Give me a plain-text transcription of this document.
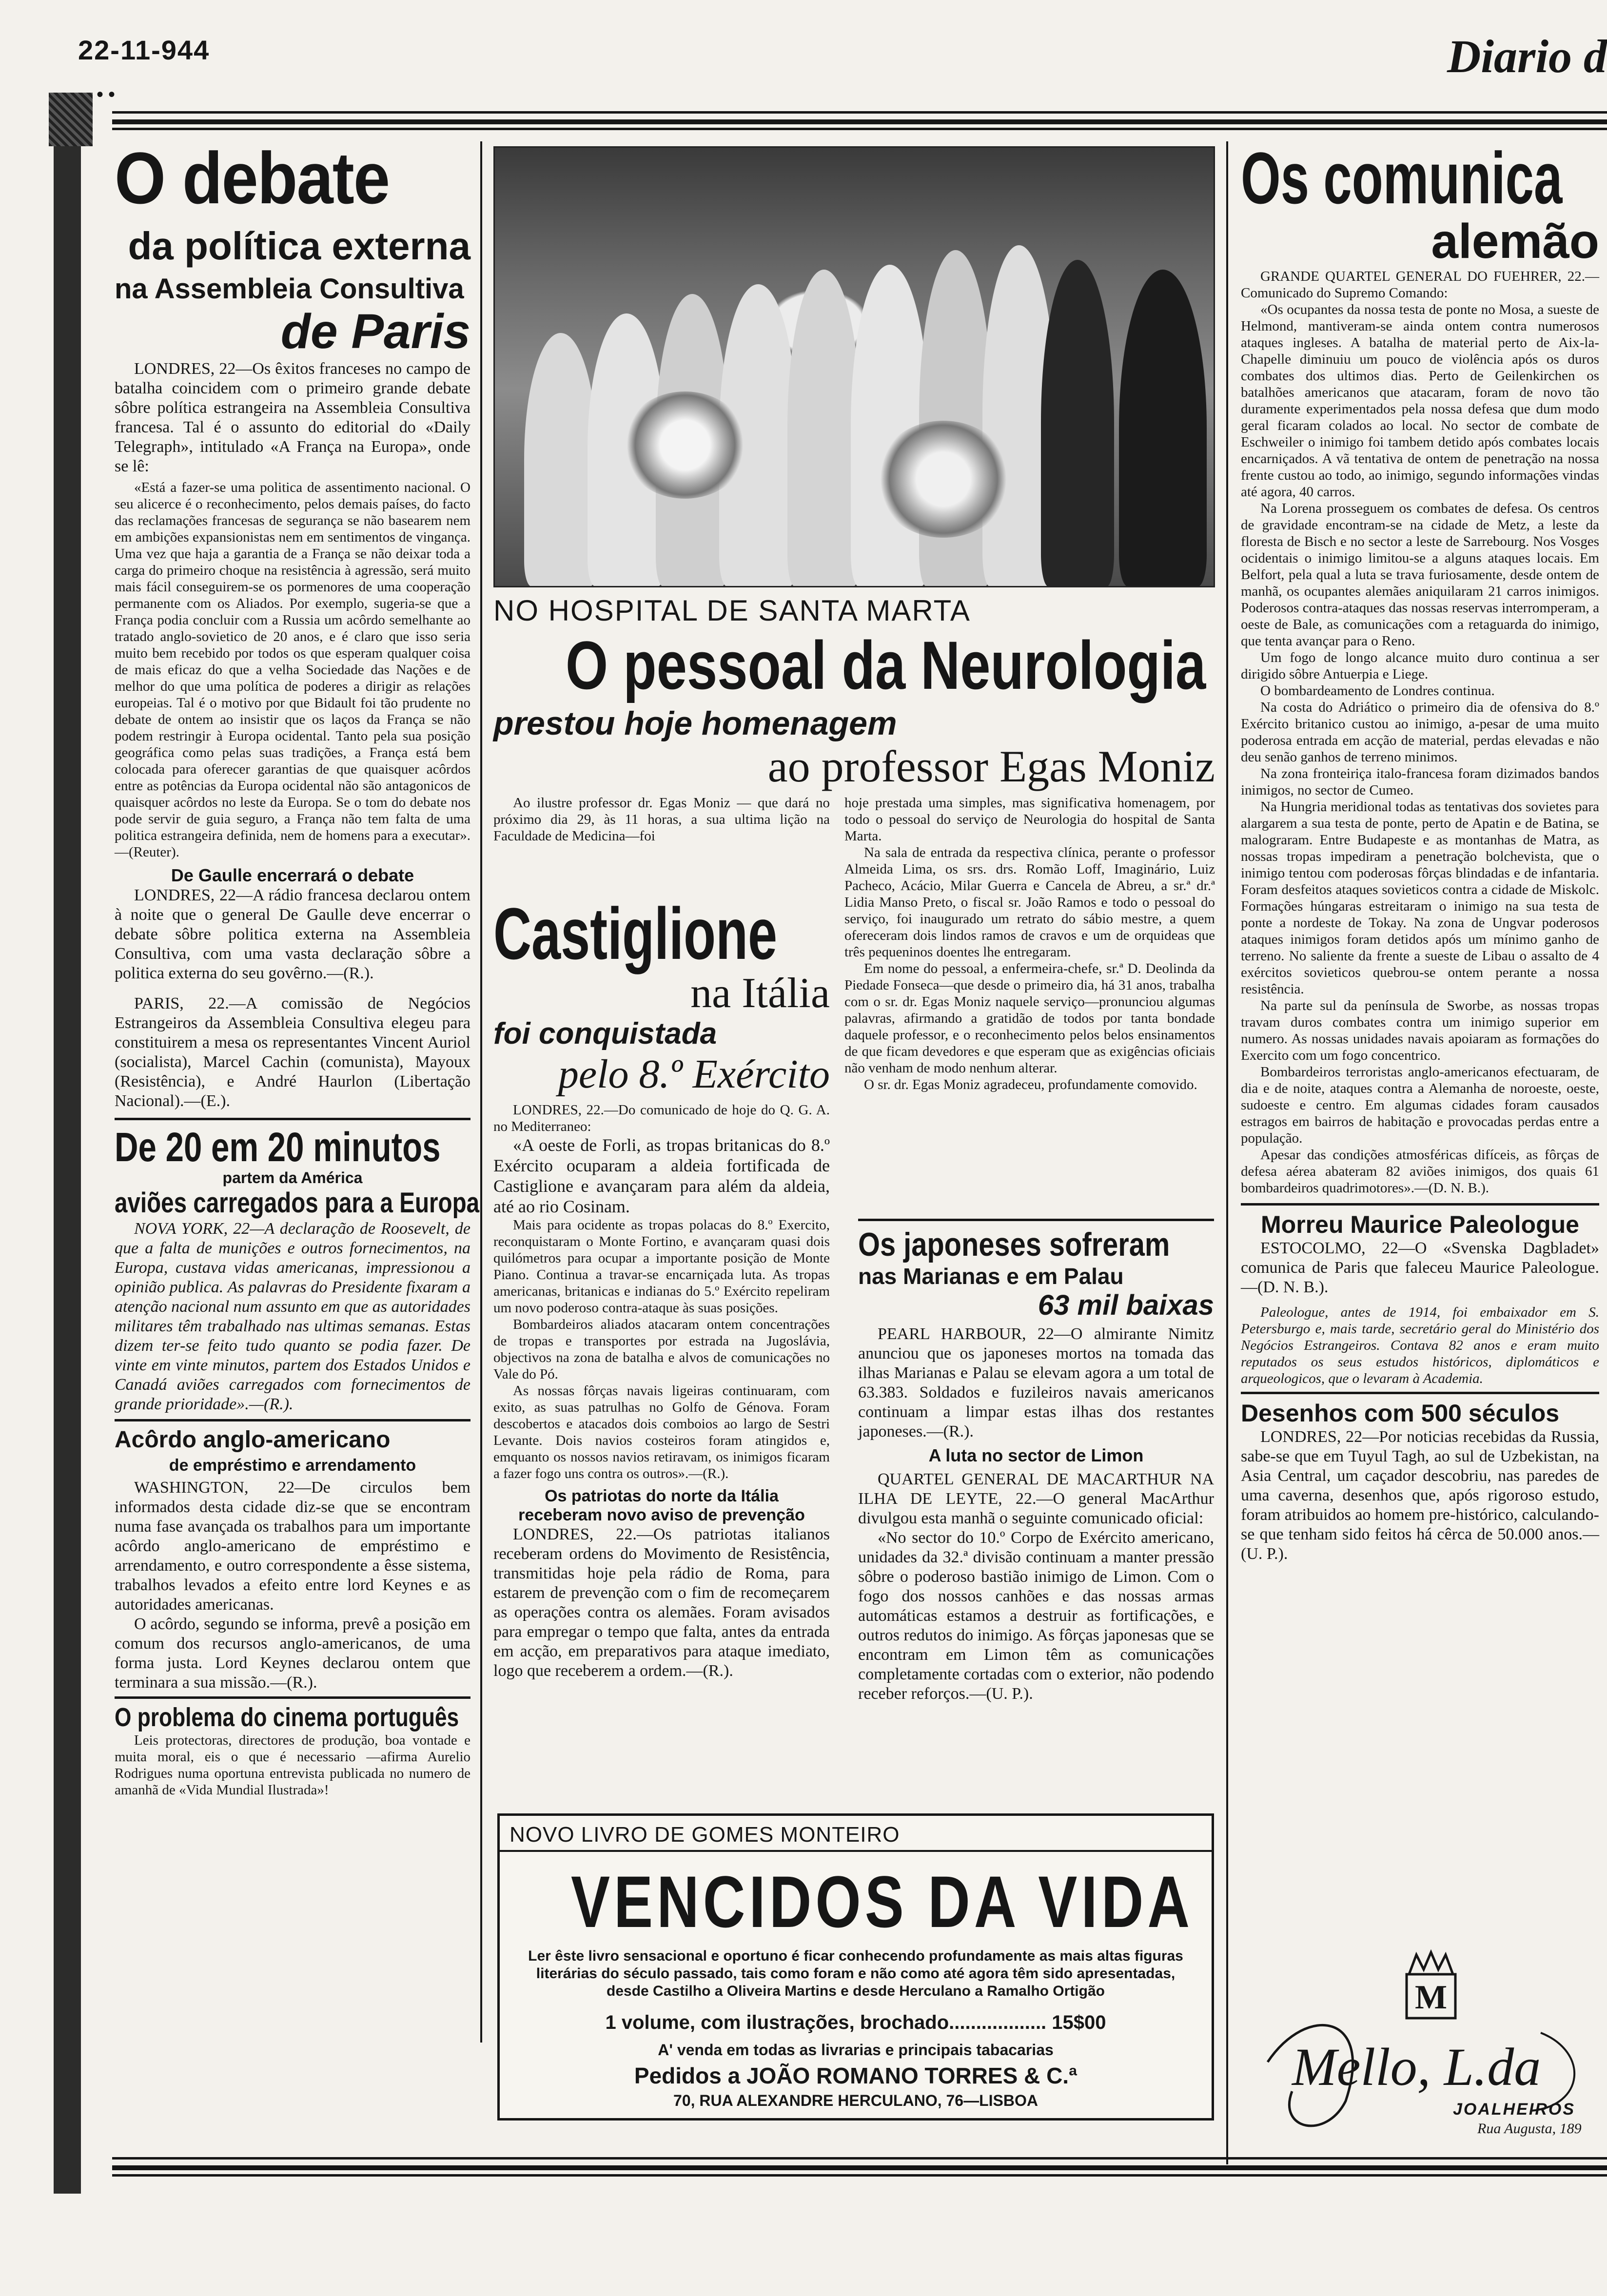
22-11-944	Diario d
• •
O debate
da política externa
na Assembleia Consultiva
de Paris
LONDRES, 22—Os êxitos franceses no campo de batalha coincidem com o primeiro grande debate sôbre política estrangeira na Assembleia Consultiva francesa. Tal é o assunto do editorial do «Daily Telegraph», intitulado «A França na Europa», onde se lê:
«Está a fazer-se uma politica de assentimento nacional. O seu alicerce é o reconhecimento, pelos demais países, do facto das reclamações francesas de segurança se não basearem nem em ambições expansionistas nem em sentimentos de vingança. Uma vez que haja a garantia de a França se não deixar toda a carga do primeiro choque na resistência à agressão, será muito mais fácil conseguirem-se os pormenores de uma cooperação permanente com os Aliados. Por exemplo, sugeria-se que a França podia concluir com a Russia um acôrdo semelhante ao tratado anglo-sovietico de 20 anos, e é claro que isso seria muito bem recebido por todos os que esperam qualquer coisa de mais eficaz do que a velha Sociedade das Nações e de melhor do que uma política de poderes a dirigir as relações europeias. Tal é o motivo por que Bidault foi tão prudente no debate de ontem ao insistir que os laços da França se não podem restringir à Europa ocidental. Tanto pela sua posição geográfica como pelas suas tradições, a França está bem colocada para oferecer garantias de que quaisquer acôrdos entre as potências da Europa ocidental não são antagonicos de quaisquer acôrdos no leste da Europa. Se o tom do debate nos pode servir de guia seguro, a França não tem falta de uma politica estrangeira definida, nem de homens para a executar».—(Reuter).
De Gaulle encerrará o debate
LONDRES, 22—A rádio francesa declarou ontem à noite que o general De Gaulle deve encerrar o debate sôbre politica externa na Assembleia Consultiva, com uma vasta declaração sôbre a politica externa do seu govêrno.—(R.).
PARIS, 22.—A comissão de Negócios Estrangeiros da Assembleia Consultiva elegeu para constituirem a mesa os representantes Vincent Auriol (socialista), Marcel Cachin (comunista), Mayoux (Resistência), e André Haurlon (Libertação Nacional).—(E.).
De 20 em 20 minutos
partem da América
aviões carregados para a Europa
NOVA YORK, 22—A declaração de Roosevelt, de que a falta de munições e outros fornecimentos, na Europa, custava vidas americanas, impressionou a opinião publica. As palavras do Presidente fixaram a atenção nacional num assunto em que as autoridades militares têm trabalhado nas ultimas semanas. Estas dizem ter-se feito tudo quanto se podia fazer. De vinte em vinte minutos, partem dos Estados Unidos e Canadá aviões carregados com fornecimentos de grande prioridade».—(R.).
Acôrdo anglo-americano
de empréstimo e arrendamento
WASHINGTON, 22—De circulos bem informados desta cidade diz-se que se encontram numa fase avançada os trabalhos para um importante acôrdo anglo-americano de empréstimo e arrendamento, e outro correspondente a êsse sistema, trabalhos levados a efeito entre lord Keynes e as autoridades americanas.
O acôrdo, segundo se informa, prevê a posição em comum dos recursos anglo-americanos, de uma forma justa. Lord Keynes declarou ontem que terminara a sua missão.—(R.).
O problema do cinema português
Leis protectoras, directores de produção, boa vontade e muita moral, eis o que é necessario —afirma Aurelio Rodrigues numa oportuna entrevista publicada no numero de amanhã de «Vida Mundial Ilustrada»!
NO HOSPITAL DE SANTA MARTA
O pessoal da Neurologia
prestou hoje homenagem
ao professor Egas Moniz
Ao ilustre professor dr. Egas Moniz — que dará no próximo dia 29, às 11 horas, a sua ultima lição na Faculdade de Medicina—foi
hoje prestada uma simples, mas significativa homenagem, por todo o pessoal do serviço de Neurologia do hospital de Santa Marta.
Na sala de entrada da respectiva clínica, perante o professor Almeida Lima, os srs. drs. Romão Loff, Imaginário, Luiz Pacheco, Acácio, Milar Guerra e Cancela de Abreu, a sr.ª dr.ª Lidia Manso Preto, o fiscal sr. João Ramos e todo o pessoal do serviço, foi inaugurado um retrato do sábio mestre, a quem ofereceram dois lindos ramos de cravos e um de orquideas que três pequeninos doentes lhe entregaram.
Em nome do pessoal, a enfermeira-chefe, sr.ª D. Deolinda da Piedade Fonseca—que desde o primeiro dia, há 31 anos, trabalha com o sr. dr. Egas Moniz naquele serviço—pronunciou algumas palavras, afirmando a gratidão de todos por tanta bondade daquele professor, e o reconhecimento pelos belos ensinamentos de que ficam devedores e que esperam que as exigências oficiais não venham de modo nenhum alterar.
O sr. dr. Egas Moniz agradeceu, profundamente comovido.
Castiglione
na Itália
foi conquistada
pelo 8.º Exército
LONDRES, 22.—Do comunicado de hoje do Q. G. A. no Mediterraneo:
«A oeste de Forli, as tropas britanicas do 8.º Exército ocuparam a aldeia fortificada de Castiglione e avançaram para além da aldeia, até ao rio Cosinam.
Mais para ocidente as tropas polacas do 8.º Exercito, reconquistaram o Monte Fortino, e avançaram quasi dois quilómetros para ocupar a importante posição de Monte Piano. Continua a travar-se encarniçada luta. As tropas americanas, britanicas e indianas do 5.º Exército repeliram um novo poderoso contra-ataque às suas posições.
Bombardeiros aliados atacaram ontem concentrações de tropas e transportes por estrada na Jugoslávia, objectivos na zona de batalha e alvos de comunicações no Vale do Pó.
As nossas fôrças navais ligeiras continuaram, com exito, as suas patrulhas no Golfo de Génova. Foram descobertos e atacados dois comboios ao largo de Sestri Levante. Dois navios costeiros foram atingidos e, emquanto os nossos navios retiravam, os inimigos ficaram a fazer fogo uns contra os outros».—(R.).
Os patriotas do norte da Itália
receberam novo aviso de prevenção
LONDRES, 22.—Os patriotas italianos receberam ordens do Movimento de Resistência, transmitidas hoje pela rádio de Roma, para estarem de prevenção com o fim de recomeçarem as operações contra os alemães. Foram avisados para empregar o tempo que falta, antes da entrada em acção, em preparativos para ataque imediato, logo que receberem a ordem.—(R.).
Os japoneses sofreram
nas Marianas e em Palau
63 mil baixas
PEARL HARBOUR, 22—O almirante Nimitz anunciou que os japoneses mortos na tomada das ilhas Marianas e Palau se elevam agora a um total de 63.383. Soldados e fuzileiros navais americanos continuam a limpar estas ilhas dos restantes japoneses.—(R.).
A luta no sector de Limon
QUARTEL GENERAL DE MACARTHUR NA ILHA DE LEYTE, 22.—O general MacArthur divulgou esta manhã o seguinte comunicado oficial:
«No sector do 10.º Corpo de Exército americano, unidades da 32.ª divisão continuam a manter pressão sôbre o poderoso bastião inimigo de Limon. Com o fogo dos nossos canhões e das nossas armas automáticas estamos a destruir as fortificações, e outros redutos do inimigo. As fôrças japonesas que se encontram em Limon têm as comunicações completamente cortadas com o exterior, não podendo receber reforços.—(U. P.).
NOVO LIVRO DE GOMES MONTEIRO
VENCIDOS DA VIDA
Ler êste livro sensacional e oportuno é ficar conhecendo profundamente as mais altas figuras literárias do século passado, tais como foram e não como até agora têm sido apresentadas, desde Castilho a Oliveira Martins e desde Herculano a Ramalho Ortigão
1 volume, com ilustrações, brochado.................. 15$00
A' venda em todas as livrarias e principais tabacarias
Pedidos a JOÃO ROMANO TORRES & C.ª
70, RUA ALEXANDRE HERCULANO, 76—LISBOA
Os comunica
alemão
GRANDE QUARTEL GENERAL DO FUEHRER, 22.—Comunicado do Supremo Comando:
«Os ocupantes da nossa testa de ponte no Mosa, a sueste de Helmond, mantiveram-se ainda ontem contra numerosos ataques ingleses. A batalha de material perto de Aix-la-Chapelle diminuiu um pouco de violência após os duros combates dos ultimos dias. Perto de Geilenkirchen os batalhões americanos que atacaram, foram de novo tão duramente experimentados pela nossa defesa que dum modo geral ficaram colados ao local. No sector de combate de Eschweiler o inimigo foi tambem detido após combates locais encarniçados. A vã tentativa de ontem de penetração na nossa frente custou ao todo, ao inimigo, segundo informações vindas até agora, 40 carros.
Na Lorena prosseguem os combates de defesa. Os centros de gravidade encontram-se na cidade de Metz, a leste da floresta de Bisch e no sector a leste de Sarrebourg. Nos Vosges ocidentais o inimigo limitou-se a alguns ataques locais. Em Belfort, pela qual a luta se trava furiosamente, desde ontem de manhã, os ocupantes alemães aniquilaram 21 carros inimigos. Poderosos contra-ataques das nossas reservas interromperam, a oeste de Bale, as comunicações com a retaguarda do inimigo, que tenta avançar para o Reno.
Um fogo de longo alcance muito duro continua a ser dirigido sôbre Antuerpia e Liege.
O bombardeamento de Londres continua.
Na costa do Adriático o primeiro dia de ofensiva do 8.º Exército britanico custou ao inimigo, a-pesar de uma muito poderosa entrada em acção de material, perdas elevadas e não deu senão ganhos de terreno minimos.
Na zona fronteiriça italo-francesa foram dizimados bandos inimigos, no sector de Cumeo.
Na Hungria meridional todas as tentativas dos sovietes para alargarem a sua testa de ponte, perto de Apatin e de Batina, se malograram. Entre Budapeste e as montanhas de Matra, as nossas tropas impediram a penetração bolchevista, que o inimigo tentou com poderosas fôrças blindadas e de infantaria. Foram desfeitos ataques sovieticos contra a cidade de Miskolc. Formações húngaras estreitaram o inimigo na sua testa de ponte a nordeste de Tokay. Na zona de Ungvar poderosos ataques inimigos foram detidos após um mínimo ganho de terreno. No saliente da frente a sueste de Libau o assalto de 4 exércitos sovieticos quebrou-se ontem perante a nossa resistência.
Na parte sul da península de Sworbe, as nossas tropas travam duros combates contra um inimigo superior em numero. As nossas unidades navais apoiaram as formações do Exercito com um fogo concentrico.
Bombardeiros terroristas anglo-americanos efectuaram, de dia e de noite, ataques contra a Alemanha de noroeste, oeste, sudoeste e centro. Em algumas cidades foram causados estragos em bairros de habitação e provocadas perdas entre a população.
Apesar das condições atmosféricas difíceis, as fôrças de defesa aérea abateram 82 aviões inimigos, dos quais 61 bombardeiros quadrimotores».—(D. N. B.).
Morreu Maurice Paleologue
ESTOCOLMO, 22—O «Svenska Dagbladet» comunica de Paris que faleceu Maurice Paleologue.—(D. N. B.).
Paleologue, antes de 1914, foi embaixador em S. Petersburgo e, mais tarde, secretário geral do Ministério dos Negócios Estrangeiros. Contava 82 anos e eram muito reputados os seus estudos históricos, diplomáticos e arqueologicos, que o levaram à Academia.
Desenhos com 500 séculos
LONDRES, 22—Por noticias recebidas da Russia, sabe-se que em Tuyul Tagh, ao sul de Uzbekistan, na Asia Central, um caçador descobriu, nas paredes de uma caverna, desenhos que, após rigoroso estudo, foram atribuidos ao homem pre-histórico, calculando-se que tenham sido feitos há cêrca de 50.000 anos.—(U. P.).
M
Mello, L.da
JOALHEIROS
Rua Augusta, 189
